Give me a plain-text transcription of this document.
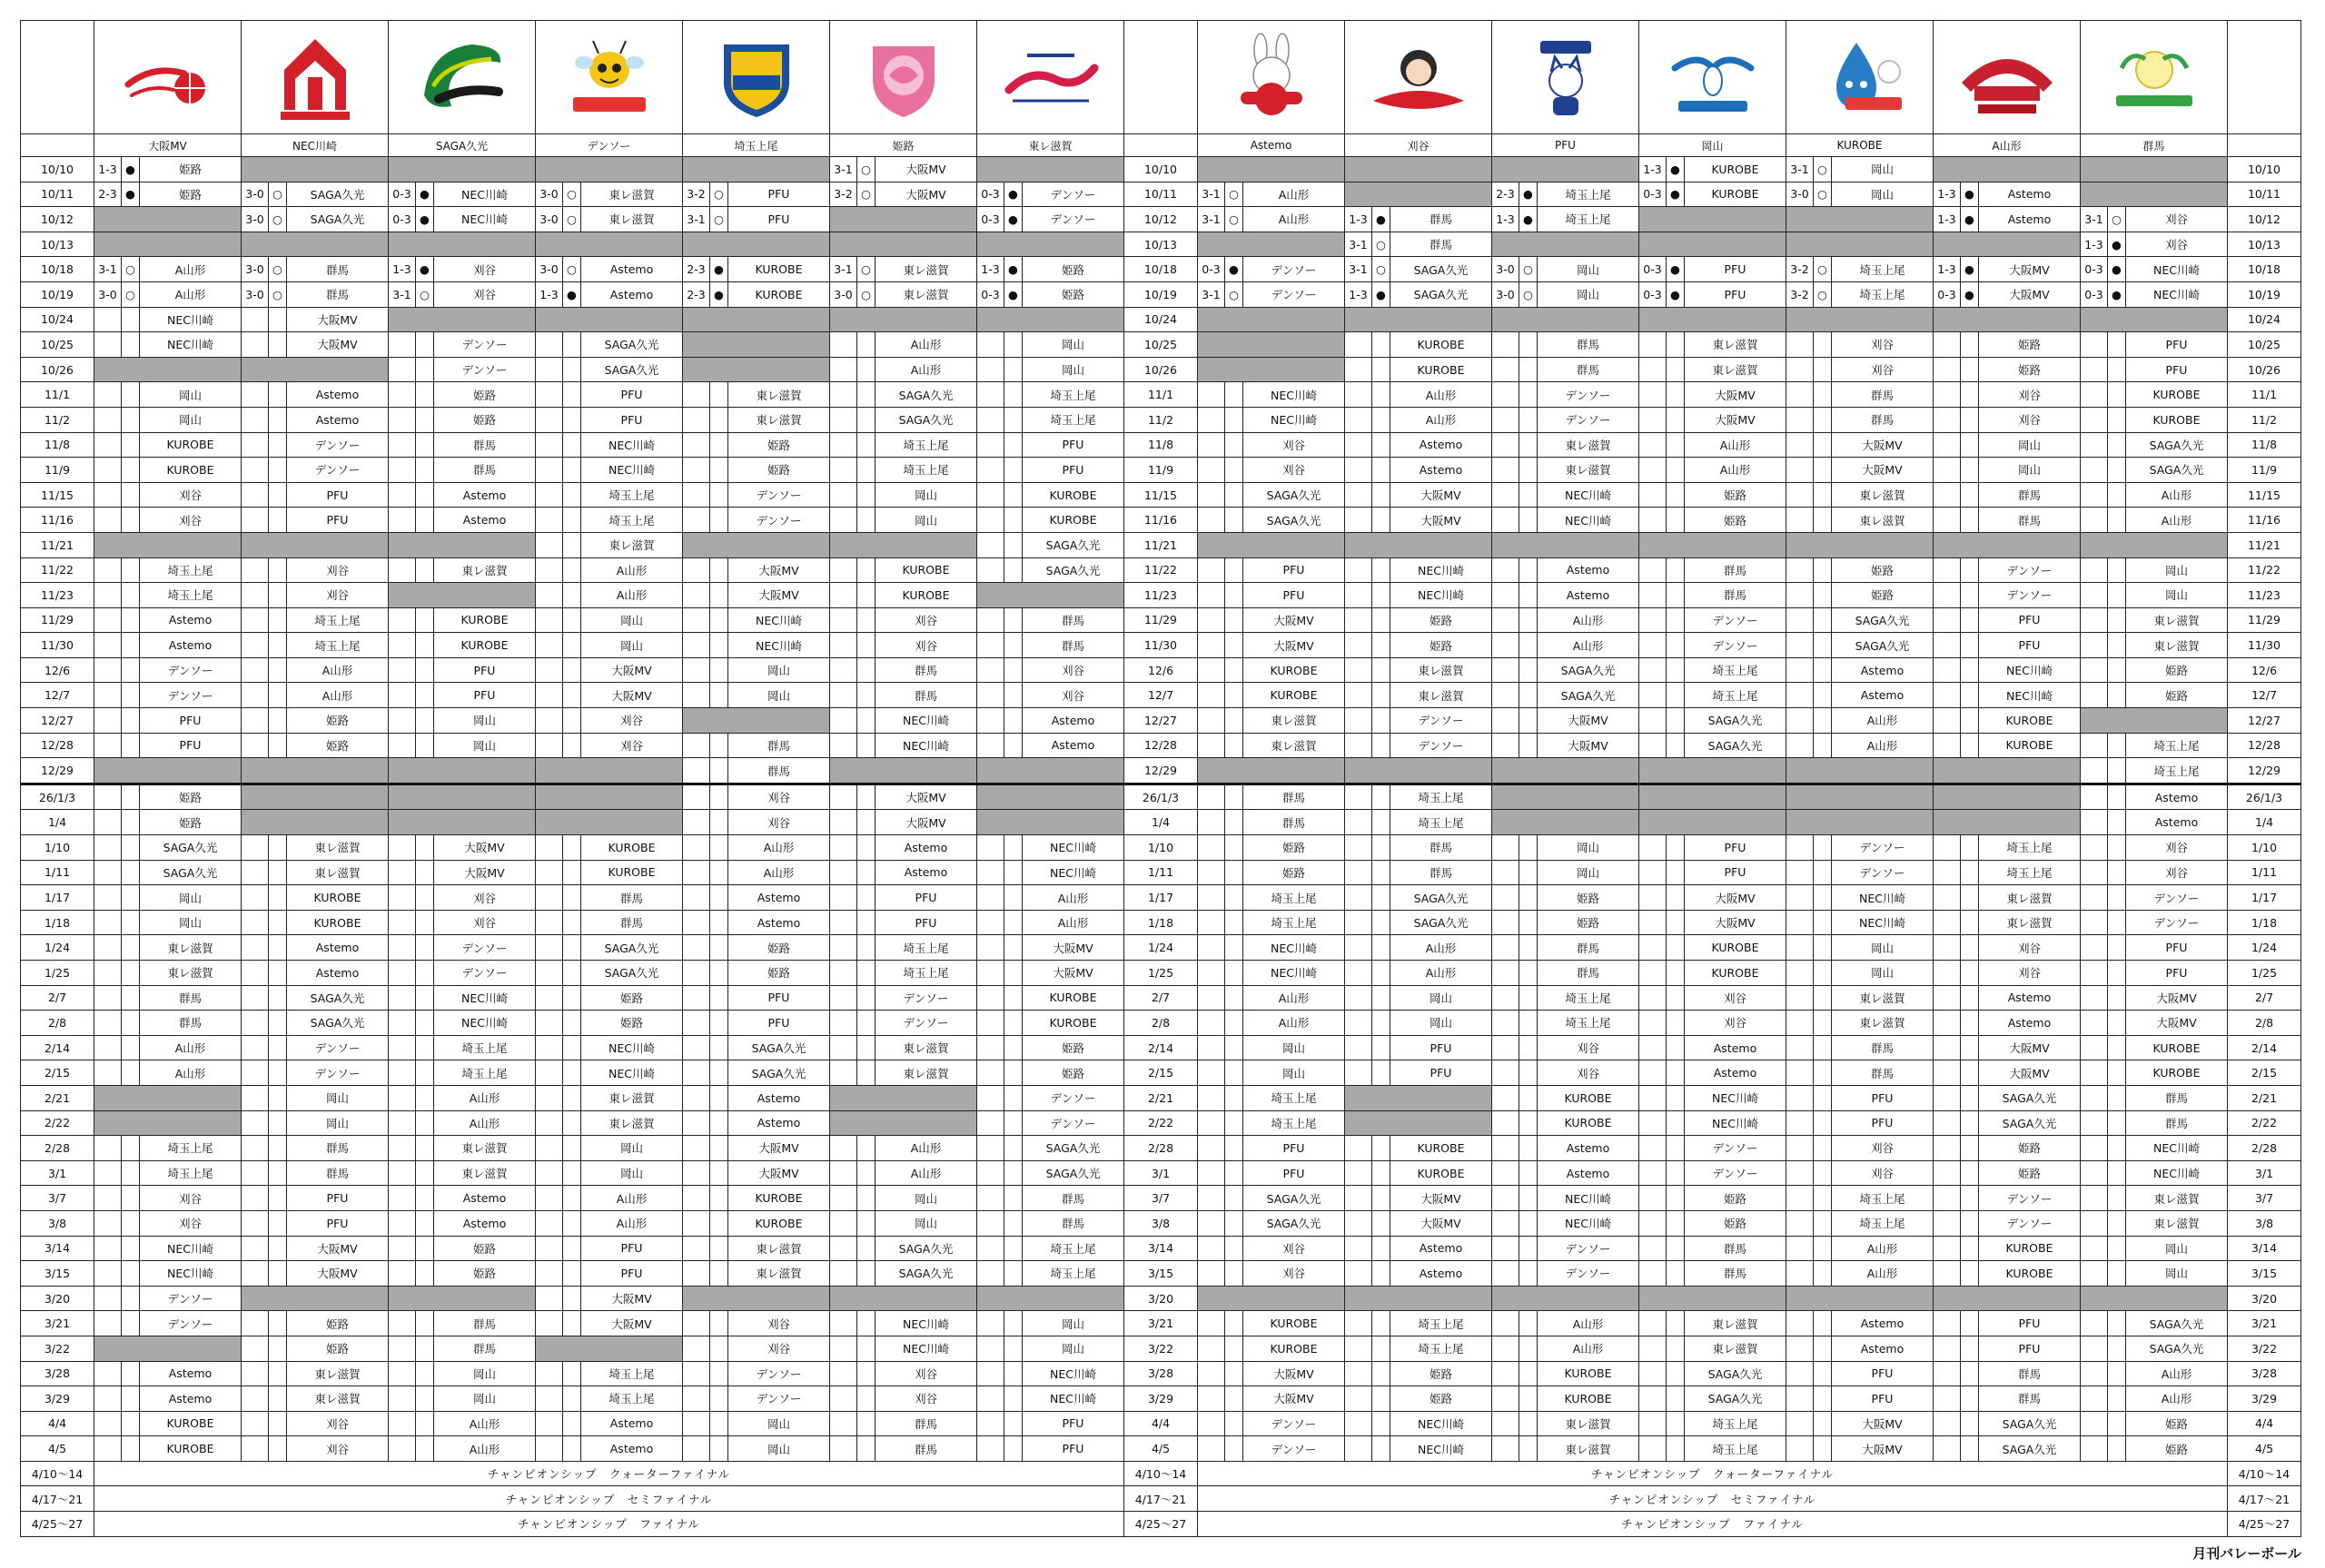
	大阪MV			NEC川崎			SAGA久光			デンソー			埼玉上尾			姫路			東レ滋賀				Astemo			刈谷			PFU			岡山			KUROBE			A山形			群馬			
10/10	1-3	●	姫路													3-1	○	大阪MV				10/10										1-3	●	KUROBE	3-1	○	岡山							10/10
10/11	2-3	●	姫路	3-0	○	SAGA久光	0-3	●	NEC川崎	3-0	○	東レ滋賀	3-2	○	PFU	3-2	○	大阪MV	0-3	●	デンソー	10/11	3-1	○	A山形				2-3	●	埼玉上尾	0-3	●	KUROBE	3-0	○	岡山	1-3	●	Astemo				10/11
10/12				3-0	○	SAGA久光	0-3	●	NEC川崎	3-0	○	東レ滋賀	3-1	○	PFU				0-3	●	デンソー	10/12	3-1	○	A山形	1-3	●	群馬	1-3	●	埼玉上尾							1-3	●	Astemo	3-1	○	刈谷	10/12
10/13																						10/13				3-1	○	群馬													1-3	●	刈谷	10/13
10/18	3-1	○	A山形	3-0	○	群馬	1-3	●	刈谷	3-0	○	Astemo	2-3	●	KUROBE	3-1	○	東レ滋賀	1-3	●	姫路	10/18	0-3	●	デンソー	3-1	○	SAGA久光	3-0	○	岡山	0-3	●	PFU	3-2	○	埼玉上尾	1-3	●	大阪MV	0-3	●	NEC川崎	10/18
10/19	3-0	○	A山形	3-0	○	群馬	3-1	○	刈谷	1-3	●	Astemo	2-3	●	KUROBE	3-0	○	東レ滋賀	0-3	●	姫路	10/19	3-1	○	デンソー	1-3	●	SAGA久光	3-0	○	岡山	0-3	●	PFU	3-2	○	埼玉上尾	0-3	●	大阪MV	0-3	●	NEC川崎	10/19
10/24			NEC川崎			大阪MV																10/24																						10/24
10/25			NEC川崎			大阪MV			デンソー			SAGA久光						A山形			岡山	10/25						KUROBE			群馬			東レ滋賀			刈谷			姫路			PFU	10/25
10/26									デンソー			SAGA久光						A山形			岡山	10/26						KUROBE			群馬			東レ滋賀			刈谷			姫路			PFU	10/26
11/1			岡山			Astemo			姫路			PFU			東レ滋賀			SAGA久光			埼玉上尾	11/1			NEC川崎			A山形			デンソー			大阪MV			群馬			刈谷			KUROBE	11/1
11/2			岡山			Astemo			姫路			PFU			東レ滋賀			SAGA久光			埼玉上尾	11/2			NEC川崎			A山形			デンソー			大阪MV			群馬			刈谷			KUROBE	11/2
11/8			KUROBE			デンソー			群馬			NEC川崎			姫路			埼玉上尾			PFU	11/8			刈谷			Astemo			東レ滋賀			A山形			大阪MV			岡山			SAGA久光	11/8
11/9			KUROBE			デンソー			群馬			NEC川崎			姫路			埼玉上尾			PFU	11/9			刈谷			Astemo			東レ滋賀			A山形			大阪MV			岡山			SAGA久光	11/9
11/15			刈谷			PFU			Astemo			埼玉上尾			デンソー			岡山			KUROBE	11/15			SAGA久光			大阪MV			NEC川崎			姫路			東レ滋賀			群馬			A山形	11/15
11/16			刈谷			PFU			Astemo			埼玉上尾			デンソー			岡山			KUROBE	11/16			SAGA久光			大阪MV			NEC川崎			姫路			東レ滋賀			群馬			A山形	11/16
11/21												東レ滋賀									SAGA久光	11/21																						11/21
11/22			埼玉上尾			刈谷			東レ滋賀			A山形			大阪MV			KUROBE			SAGA久光	11/22			PFU			NEC川崎			Astemo			群馬			姫路			デンソー			岡山	11/22
11/23			埼玉上尾			刈谷						A山形			大阪MV			KUROBE				11/23			PFU			NEC川崎			Astemo			群馬			姫路			デンソー			岡山	11/23
11/29			Astemo			埼玉上尾			KUROBE			岡山			NEC川崎			刈谷			群馬	11/29			大阪MV			姫路			A山形			デンソー			SAGA久光			PFU			東レ滋賀	11/29
11/30			Astemo			埼玉上尾			KUROBE			岡山			NEC川崎			刈谷			群馬	11/30			大阪MV			姫路			A山形			デンソー			SAGA久光			PFU			東レ滋賀	11/30
12/6			デンソー			A山形			PFU			大阪MV			岡山			群馬			刈谷	12/6			KUROBE			東レ滋賀			SAGA久光			埼玉上尾			Astemo			NEC川崎			姫路	12/6
12/7			デンソー			A山形			PFU			大阪MV			岡山			群馬			刈谷	12/7			KUROBE			東レ滋賀			SAGA久光			埼玉上尾			Astemo			NEC川崎			姫路	12/7
12/27			PFU			姫路			岡山			刈谷						NEC川崎			Astemo	12/27			東レ滋賀			デンソー			大阪MV			SAGA久光			A山形			KUROBE				12/27
12/28			PFU			姫路			岡山			刈谷			群馬			NEC川崎			Astemo	12/28			東レ滋賀			デンソー			大阪MV			SAGA久光			A山形			KUROBE			埼玉上尾	12/28
12/29															群馬							12/29																					埼玉上尾	12/29
26/1/3			姫路												刈谷			大阪MV				26/1/3			群馬			埼玉上尾															Astemo	26/1/3
1/4			姫路												刈谷			大阪MV				1/4			群馬			埼玉上尾															Astemo	1/4
1/10			SAGA久光			東レ滋賀			大阪MV			KUROBE			A山形			Astemo			NEC川崎	1/10			姫路			群馬			岡山			PFU			デンソー			埼玉上尾			刈谷	1/10
1/11			SAGA久光			東レ滋賀			大阪MV			KUROBE			A山形			Astemo			NEC川崎	1/11			姫路			群馬			岡山			PFU			デンソー			埼玉上尾			刈谷	1/11
1/17			岡山			KUROBE			刈谷			群馬			Astemo			PFU			A山形	1/17			埼玉上尾			SAGA久光			姫路			大阪MV			NEC川崎			東レ滋賀			デンソー	1/17
1/18			岡山			KUROBE			刈谷			群馬			Astemo			PFU			A山形	1/18			埼玉上尾			SAGA久光			姫路			大阪MV			NEC川崎			東レ滋賀			デンソー	1/18
1/24			東レ滋賀			Astemo			デンソー			SAGA久光			姫路			埼玉上尾			大阪MV	1/24			NEC川崎			A山形			群馬			KUROBE			岡山			刈谷			PFU	1/24
1/25			東レ滋賀			Astemo			デンソー			SAGA久光			姫路			埼玉上尾			大阪MV	1/25			NEC川崎			A山形			群馬			KUROBE			岡山			刈谷			PFU	1/25
2/7			群馬			SAGA久光			NEC川崎			姫路			PFU			デンソー			KUROBE	2/7			A山形			岡山			埼玉上尾			刈谷			東レ滋賀			Astemo			大阪MV	2/7
2/8			群馬			SAGA久光			NEC川崎			姫路			PFU			デンソー			KUROBE	2/8			A山形			岡山			埼玉上尾			刈谷			東レ滋賀			Astemo			大阪MV	2/8
2/14			A山形			デンソー			埼玉上尾			NEC川崎			SAGA久光			東レ滋賀			姫路	2/14			岡山			PFU			刈谷			Astemo			群馬			大阪MV			KUROBE	2/14
2/15			A山形			デンソー			埼玉上尾			NEC川崎			SAGA久光			東レ滋賀			姫路	2/15			岡山			PFU			刈谷			Astemo			群馬			大阪MV			KUROBE	2/15
2/21						岡山			A山形			東レ滋賀			Astemo						デンソー	2/21			埼玉上尾						KUROBE			NEC川崎			PFU			SAGA久光			群馬	2/21
2/22						岡山			A山形			東レ滋賀			Astemo						デンソー	2/22			埼玉上尾						KUROBE			NEC川崎			PFU			SAGA久光			群馬	2/22
2/28			埼玉上尾			群馬			東レ滋賀			岡山			大阪MV			A山形			SAGA久光	2/28			PFU			KUROBE			Astemo			デンソー			刈谷			姫路			NEC川崎	2/28
3/1			埼玉上尾			群馬			東レ滋賀			岡山			大阪MV			A山形			SAGA久光	3/1			PFU			KUROBE			Astemo			デンソー			刈谷			姫路			NEC川崎	3/1
3/7			刈谷			PFU			Astemo			A山形			KUROBE			岡山			群馬	3/7			SAGA久光			大阪MV			NEC川崎			姫路			埼玉上尾			デンソー			東レ滋賀	3/7
3/8			刈谷			PFU			Astemo			A山形			KUROBE			岡山			群馬	3/8			SAGA久光			大阪MV			NEC川崎			姫路			埼玉上尾			デンソー			東レ滋賀	3/8
3/14			NEC川崎			大阪MV			姫路			PFU			東レ滋賀			SAGA久光			埼玉上尾	3/14			刈谷			Astemo			デンソー			群馬			A山形			KUROBE			岡山	3/14
3/15			NEC川崎			大阪MV			姫路			PFU			東レ滋賀			SAGA久光			埼玉上尾	3/15			刈谷			Astemo			デンソー			群馬			A山形			KUROBE			岡山	3/15
3/20			デンソー									大阪MV										3/20																						3/20
3/21			デンソー			姫路			群馬			大阪MV			刈谷			NEC川崎			岡山	3/21			KUROBE			埼玉上尾			A山形			東レ滋賀			Astemo			PFU			SAGA久光	3/21
3/22						姫路			群馬						刈谷			NEC川崎			岡山	3/22			KUROBE			埼玉上尾			A山形			東レ滋賀			Astemo			PFU			SAGA久光	3/22
3/28			Astemo			東レ滋賀			岡山			埼玉上尾			デンソー			刈谷			NEC川崎	3/28			大阪MV			姫路			KUROBE			SAGA久光			PFU			群馬			A山形	3/28
3/29			Astemo			東レ滋賀			岡山			埼玉上尾			デンソー			刈谷			NEC川崎	3/29			大阪MV			姫路			KUROBE			SAGA久光			PFU			群馬			A山形	3/29
4/4			KUROBE			刈谷			A山形			Astemo			岡山			群馬			PFU	4/4			デンソー			NEC川崎			東レ滋賀			埼玉上尾			大阪MV			SAGA久光			姫路	4/4
4/5			KUROBE			刈谷			A山形			Astemo			岡山			群馬			PFU	4/5			デンソー			NEC川崎			東レ滋賀			埼玉上尾			大阪MV			SAGA久光			姫路	4/5
4/10～14	チャンピオンシップ　クォーターファイナル																					4/10～14	チャンピオンシップ　クォーターファイナル																					4/10～14
4/17～21	チャンピオンシップ　セミファイナル																					4/17～21	チャンピオンシップ　セミファイナル																					4/17～21
4/25～27	チャンピオンシップ　ファイナル																					4/25～27	チャンピオンシップ　ファイナル																					4/25～27
月刊バレーボール
